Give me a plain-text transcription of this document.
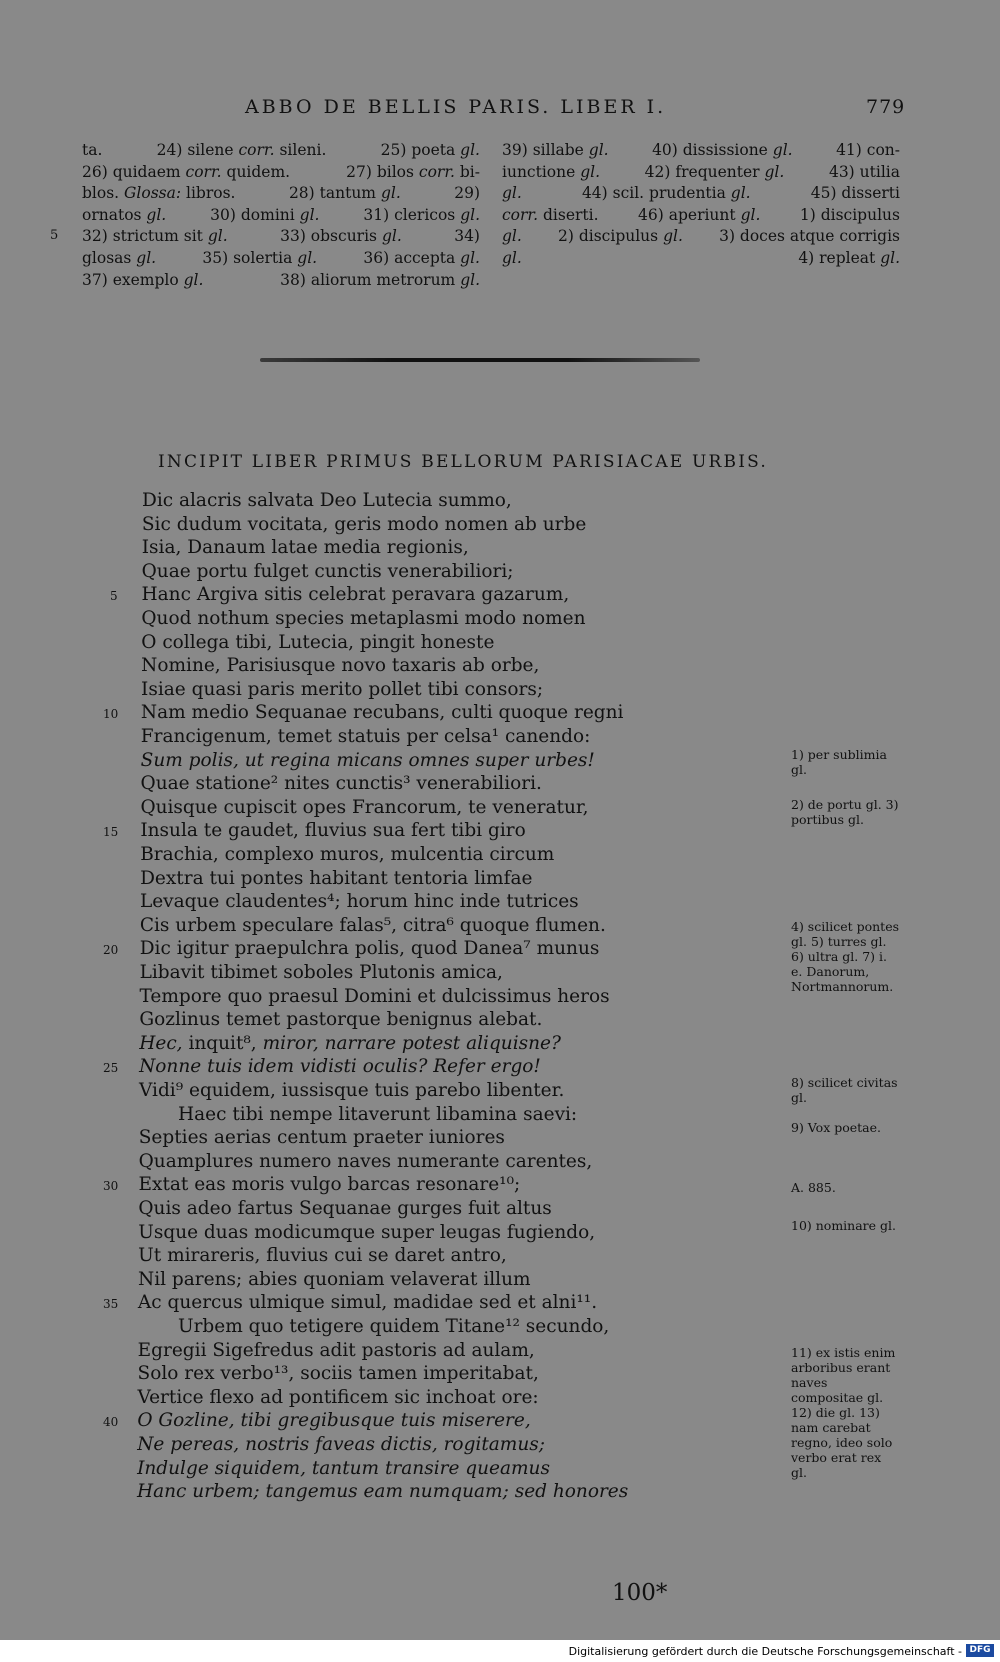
ABBO DE BELLIS PARIS. LIBER I.	779
ta.	24) silene corr. sileni.	25) poeta gl.
26) quidaem corr. quidem.	27) bilos corr. bi-
blos. Glossa: libros.	28) tantum gl.	29)
ornatos gl.	30) domini gl.	31) clericos gl.
32) strictum sit gl.	33) obscuris gl.	34)
glosas gl.	35) solertia gl.	36) accepta gl.
37) exemplo gl.	38) aliorum metrorum gl.
39) sillabe gl.	40) dississione gl.	41) con-
iunctione gl.	42) frequenter gl.	43) utilia
gl.	44) scil. prudentia gl.	45) disserti
corr. diserti.	46) aperiunt gl.	1) discipulus
gl. 2) discipulus gl. 3) doces atque corrigis
gl.	4) repleat gl.
5
INCIPIT LIBER PRIMUS BELLORUM PARISIACAE URBIS.
Dic alacris salvata Deo Lutecia summo,
Sic dudum vocitata, geris modo nomen ab urbe
Isia, Danaum latae media regionis,
Quae portu fulget cunctis venerabiliori;
5 Hanc Argiva sitis celebrat peravara gazarum,
Quod nothum species metaplasmi modo nomen
O collega tibi, Lutecia, pingit honeste
Nomine, Parisiusque novo taxaris ab orbe,
Isiae quasi paris merito pollet tibi consors;
10 Nam medio Sequanae recubans, culti quoque regni
Francigenum, temet statuis per celsa¹ canendo:
Sum polis, ut regina micans omnes super urbes!
Quae statione² nites cunctis³ venerabiliori.
Quisque cupiscit opes Francorum, te veneratur,
15 Insula te gaudet, fluvius sua fert tibi giro
Brachia, complexo muros, mulcentia circum
Dextra tui pontes habitant tentoria limfae
Levaque claudentes⁴; horum hinc inde tutrices
Cis urbem speculare falas⁵, citra⁶ quoque flumen.
20 Dic igitur praepulchra polis, quod Danea⁷ munus
Libavit tibimet soboles Plutonis amica,
Tempore quo praesul Domini et dulcissimus heros
Gozlinus temet pastorque benignus alebat.
Hec, inquit⁸, miror, narrare potest aliquisne?
25 Nonne tuis idem vidisti oculis? Refer ergo!
Vidi⁹ equidem, iussisque tuis parebo libenter.
Haec tibi nempe litaverunt libamina saevi:
Septies aerias centum praeter iuniores
Quamplures numero naves numerante carentes,
30 Extat eas moris vulgo barcas resonare¹⁰;
Quis adeo fartus Sequanae gurges fuit altus
Usque duas modicumque super leugas fugiendo,
Ut mirareris, fluvius cui se daret antro,
Nil parens; abies quoniam velaverat illum
35 Ac quercus ulmique simul, madidae sed et alni¹¹.
Urbem quo tetigere quidem Titane¹² secundo,
Egregii Sigefredus adit pastoris ad aulam,
Solo rex verbo¹³, sociis tamen imperitabat,
Vertice flexo ad pontificem sic inchoat ore:
40 O Gozline, tibi gregibusque tuis miserere,
Ne pereas, nostris faveas dictis, rogitamus;
Indulge siquidem, tantum transire queamus
Hanc urbem; tangemus eam numquam; sed honores
1) per sublimia gl.
2) de portu gl. 3) portibus gl.
4) scilicet pontes gl. 5) turres gl. 6) ultra gl. 7) i. e. Danorum, Nortmannorum.
8) scilicet civitas gl.
9) Vox poetae.
A. 885.
10) nominare gl.
11) ex istis enim arboribus erant naves compositae gl. 12) die gl. 13) nam carebat regno, ideo solo verbo erat rex gl.
100*
Digitalisierung gefördert durch die Deutsche Forschungsgemeinschaft - DFG
